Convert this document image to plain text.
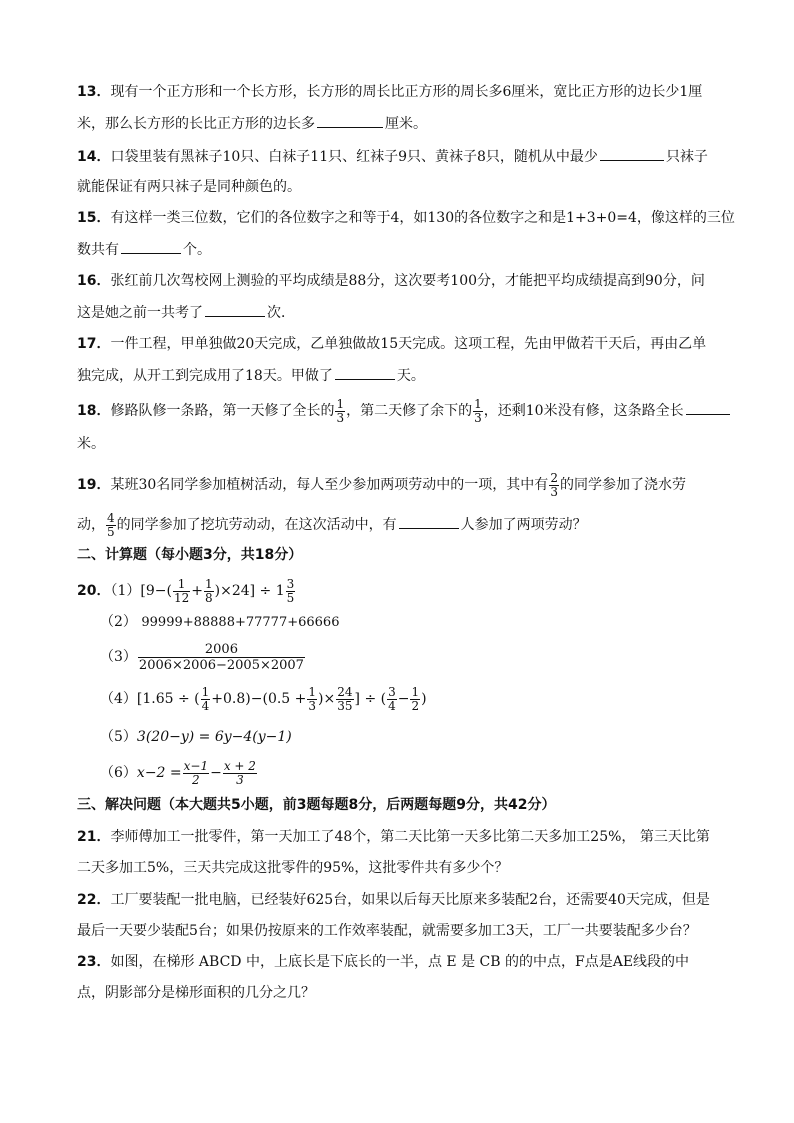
13．现有一个正方形和一个长方形，长方形的周长比正方形的周长多6厘米，宽比正方形的边长少1厘
米，那么长方形的长比正方形的边长多	厘米。
14．口袋里装有黑袜子10只、白袜子11只、红袜子9只、黄袜子8只，随机从中最少	只袜子
就能保证有两只袜子是同种颜色的。
15．有这样一类三位数，它们的各位数字之和等于4，如130的各位数字之和是1+3+0=4，像这样的三位
数共有	个。
16．张红前几次驾校网上测验的平均成绩是88分，这次要考100分，才能把平均成绩提高到90分，问
这是她之前一共考了	次．
17．一件工程，甲单独做20天完成，乙单独做故15天完成。这项工程，先由甲做若干天后，再由乙单
独完成，从开工到完成用了18天。甲做了	天。
18．修路队修一条路，第一天修了全长的 $\frac{1}{3}$ ，第二天修了余下的 $\frac{1}{3}$ ，还剩10米没有修，这条路全长
米。
19．某班30名同学参加植树活动，每人至少参加两项劳动中的一项，其中有 $\frac{2}{3}$ 的同学参加了浇水劳
动， $\frac{4}{5}$ 的同学参加了挖坑劳动动，在这次活动中，有	人参加了两项劳动？
二、计算题（每小题3分，共18分）
20．$(1)[9-( \frac{1}{12} + \frac{1}{8} )\times 24] \div 1 \frac{3}{5}$
（2） 99999+88888+77777+66666
$(3) \frac{2006}{2006\times 2006-2005\times 2007}$
（4）[1.65 ÷ ( $\frac{1}{4} +0.8)-(0.5 + \frac{1}{3}$ )× $\frac{24}{35}$ ] ÷ ( $\frac{3}{4} - \frac{1}{2}$ )
（5）3(20−y) = 6y−4(y−1)
$(6)x-2 = \frac{x-1}{2} - \frac{x + 2}{3}$
三、解决问题（本大题共5小题，前3题每题8分，后两题每题9分，共42分）
21．李师傅加工一批零件，第一天加工了48个，第二天比第一天多比第二天多加工25%， 第三天比第
二天多加工5%，三天共完成这批零件的95%，这批零件共有多少个？
22．工厂要装配一批电脑，已经装好625台，如果以后每天比原来多装配2台，还需要40天完成，但是
最后一天要少装配5台；如果仍按原来的工作效率装配，就需要多加工3天，工厂一共要装配多少台？
23．如图，在梯形 ABCD 中，上底长是下底长的一半，点 E 是 CB 的的中点，F点是AE线段的中
点，阴影部分是梯形面积的几分之几？
